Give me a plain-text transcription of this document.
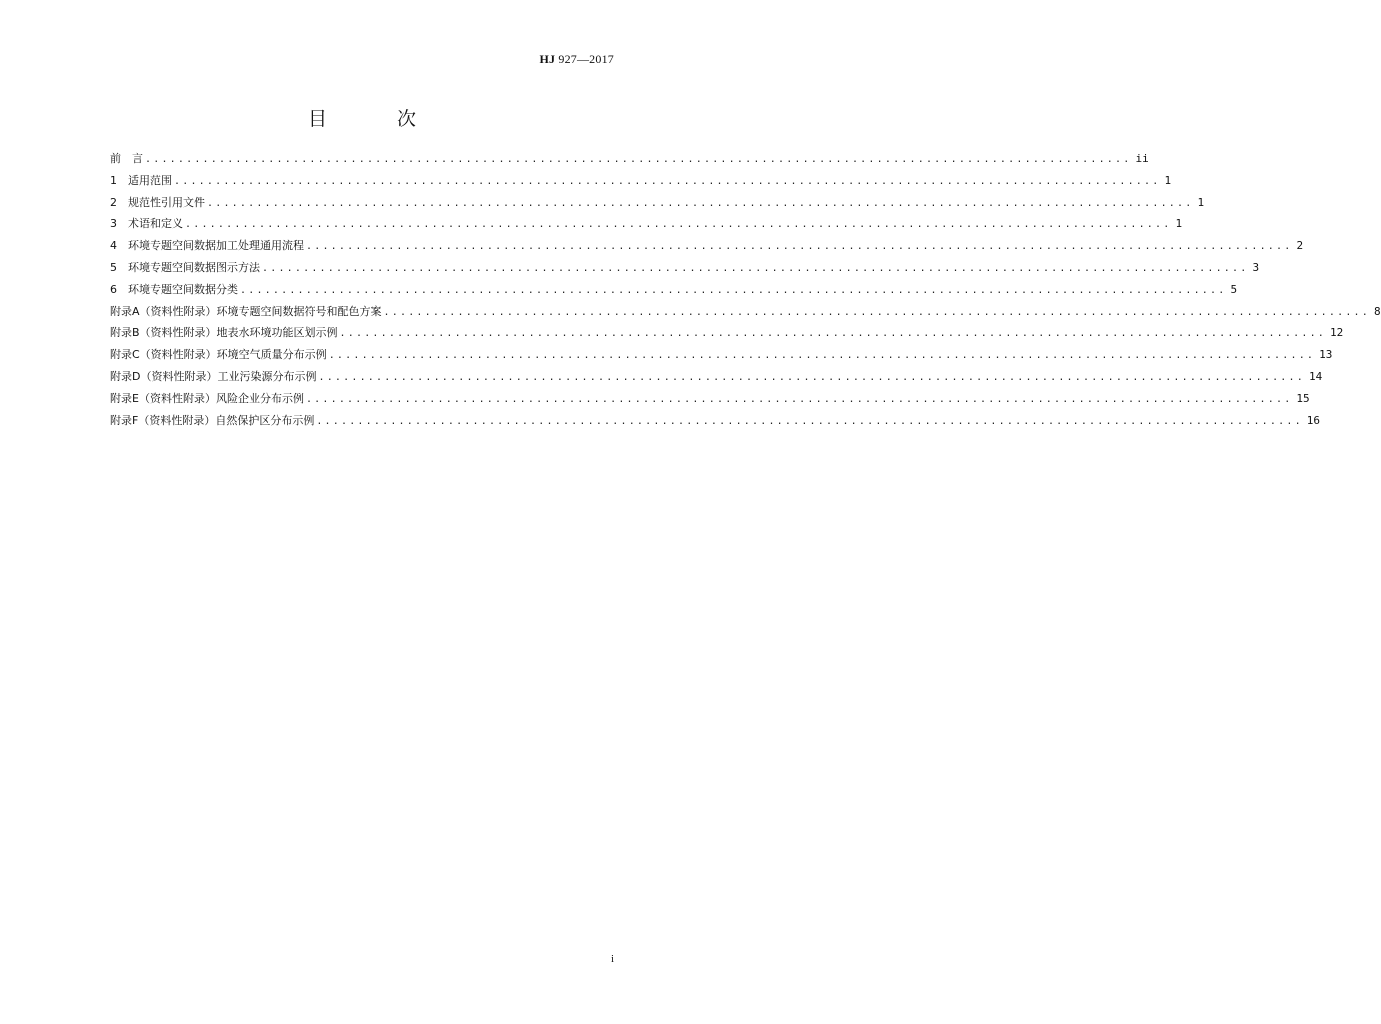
HJ 927—2017
目 次
前　言 ........................................................................................................................ ii
1　适用范围 ........................................................................................................................ 1
2　规范性引用文件 ........................................................................................................................ 1
3　术语和定义 ........................................................................................................................ 1
4　环境专题空间数据加工处理通用流程 ........................................................................................................................ 2
5　环境专题空间数据图示方法 ........................................................................................................................ 3
6　环境专题空间数据分类 ........................................................................................................................ 5
附录A（资料性附录）环境专题空间数据符号和配色方案 ........................................................................................................................ 8
附录B（资料性附录）地表水环境功能区划示例 ........................................................................................................................ 12
附录C（资料性附录）环境空气质量分布示例 ........................................................................................................................ 13
附录D（资料性附录）工业污染源分布示例 ........................................................................................................................ 14
附录E（资料性附录）风险企业分布示例 ........................................................................................................................ 15
附录F（资料性附录）自然保护区分布示例 ........................................................................................................................ 16
i
